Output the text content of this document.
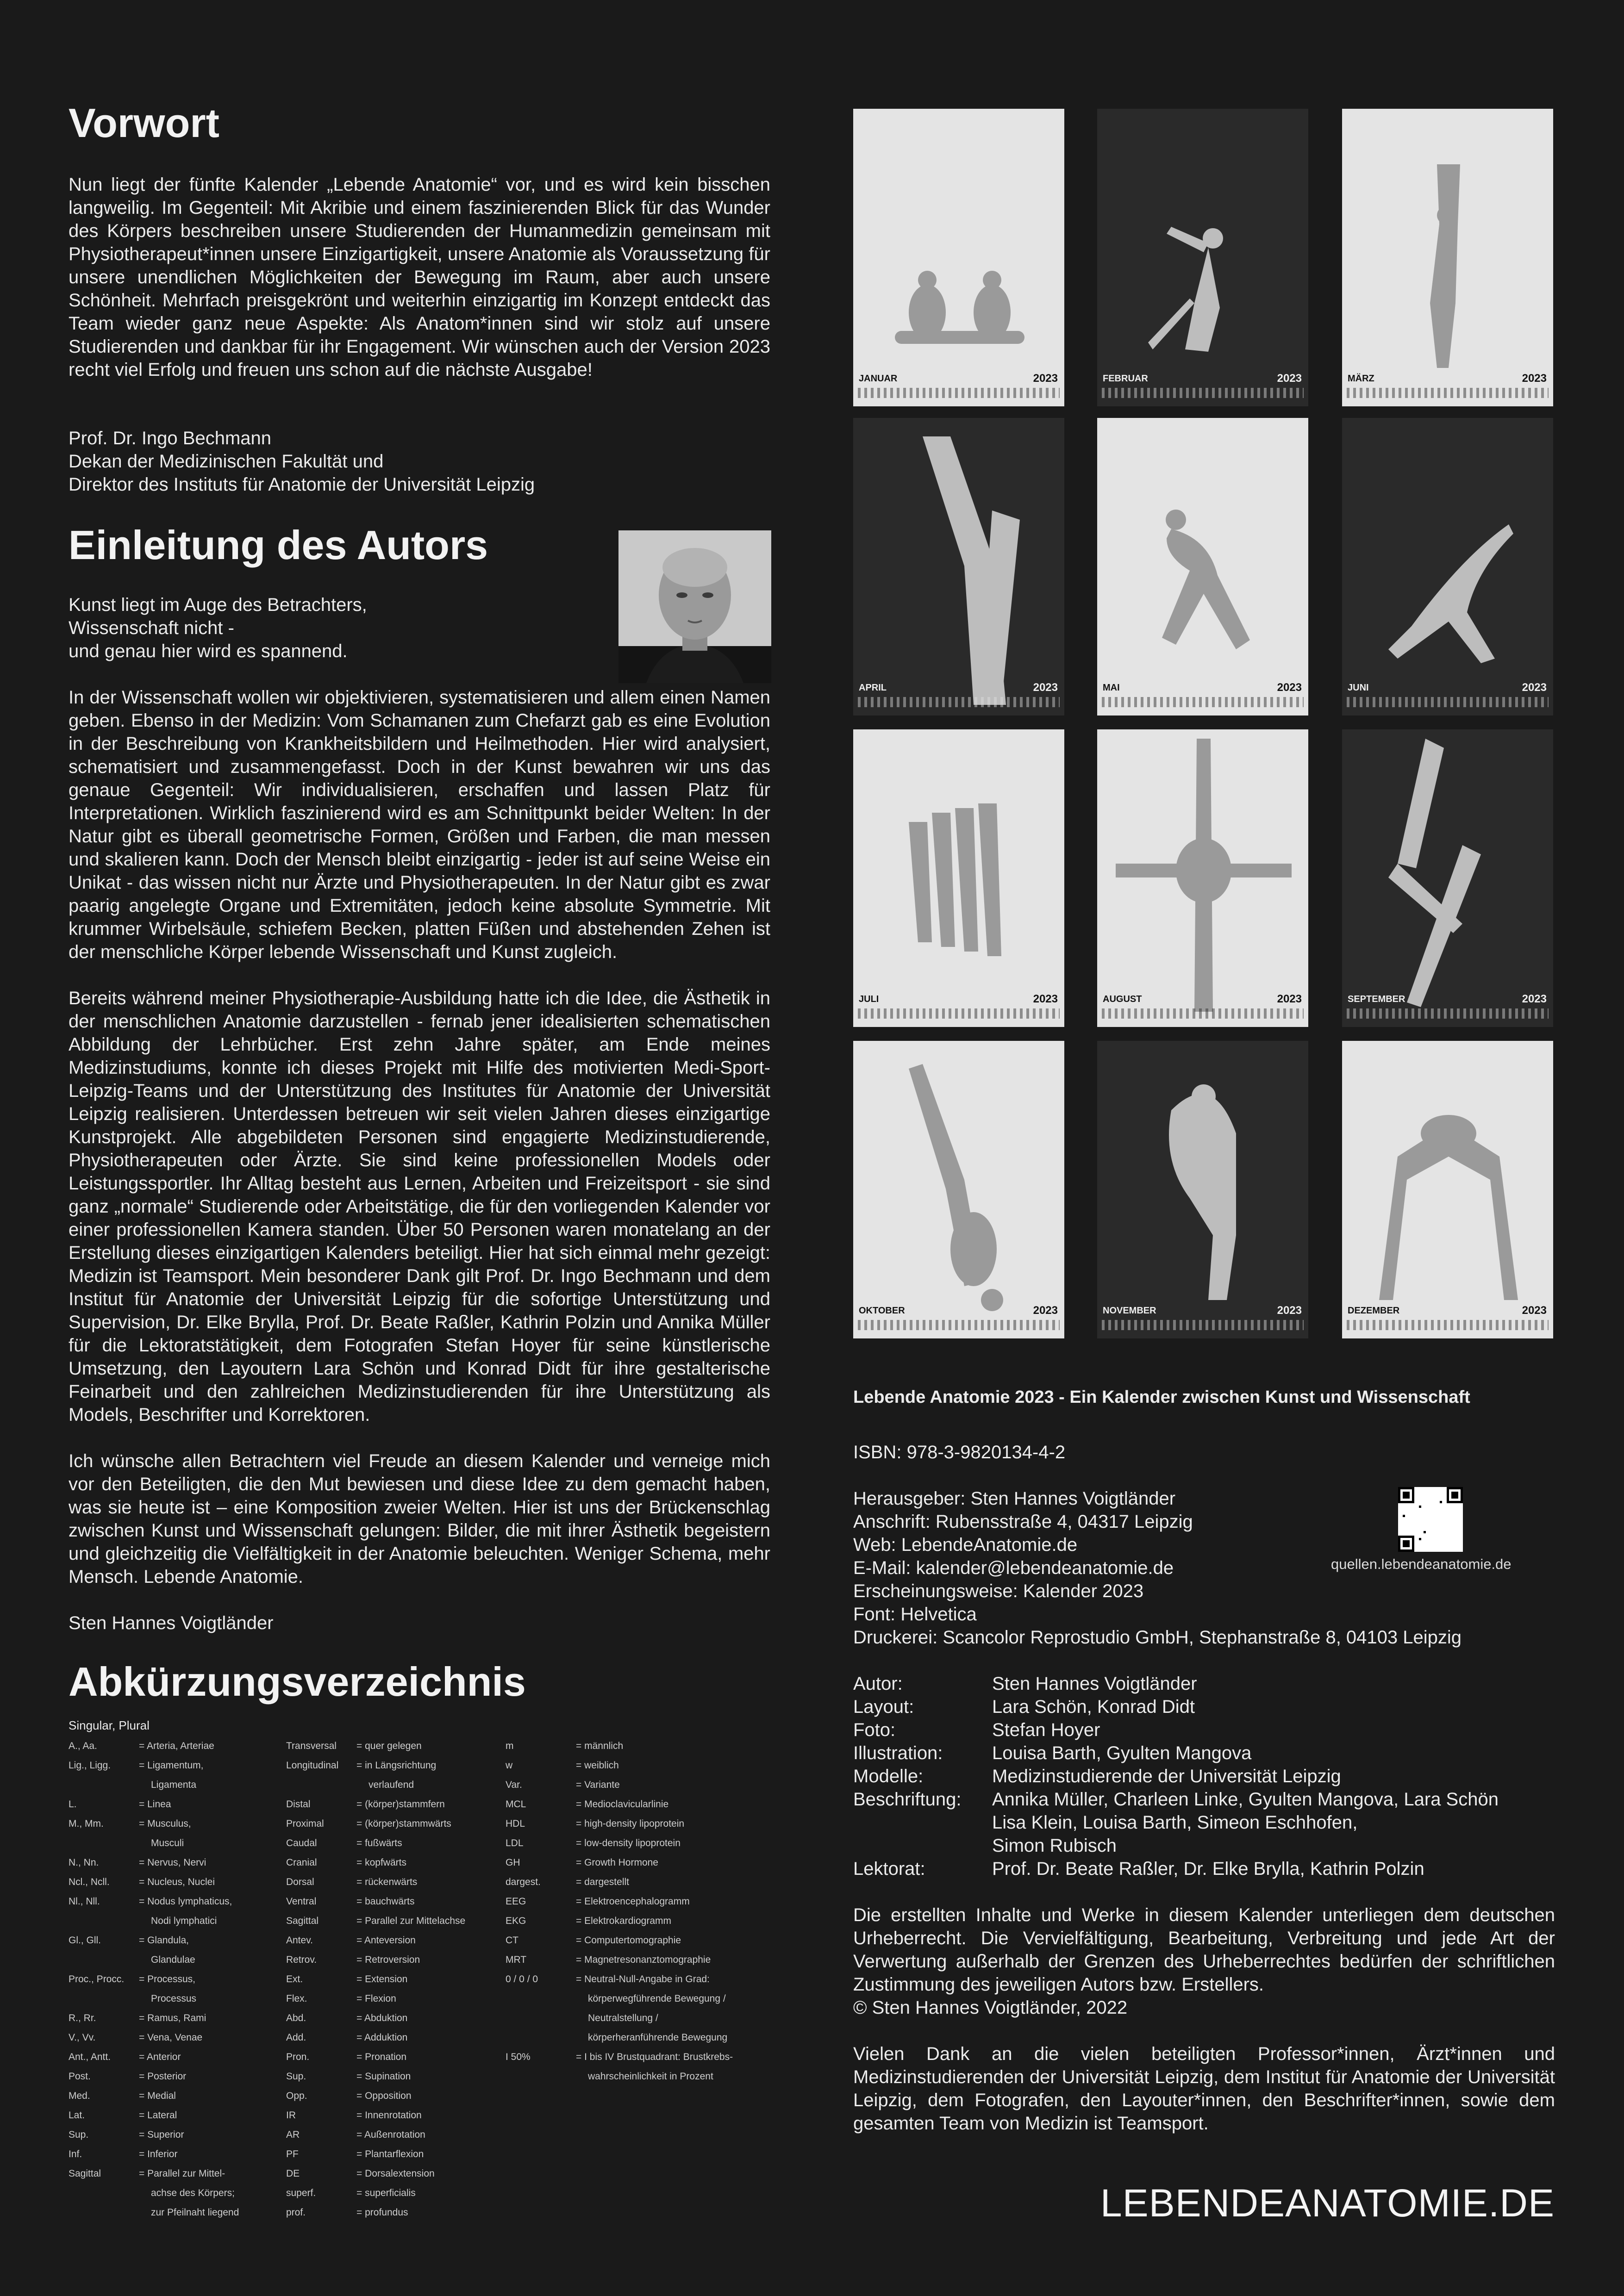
Vorwort

Nun liegt der fünfte Kalender „Lebende Anatomie“ vor, und es wird kein bisschen langweilig. Im Gegenteil: Mit Akribie und einem faszinierenden Blick für das Wunder des Körpers beschreiben unsere Studierenden der Humanmedizin gemeinsam mit Physiotherapeut*innen unsere Einzigartigkeit, unsere Anatomie als Voraussetzung für unsere unendlichen Möglichkeiten der Bewegung im Raum, aber auch unsere Schönheit. Mehrfach preisgekrönt und weiterhin einzigartig im Konzept entdeckt das Team wieder ganz neue Aspekte: Als Anatom*innen sind wir stolz auf unsere Studierenden und dankbar für ihr Engagement. Wir wünschen auch der Version 2023 recht viel Erfolg und freuen uns schon auf die nächste Ausgabe!

Prof. Dr. Ingo Bechmann
Dekan der Medizinischen Fakultät und
Direktor des Instituts für Anatomie der Universität Leipzig
Einleitung des Autors
Kunst liegt im Auge des Betrachters,
Wissenschaft nicht -
und genau hier wird es spannend.

In der Wissenschaft wollen wir objektivieren, systematisieren und allem einen Namen geben. Ebenso in der Medizin: Vom Schamanen zum Chefarzt gab es eine Evolution in der Beschreibung von Krankheitsbildern und Heilmethoden. Hier wird analysiert, schematisiert und zusammengefasst. Doch in der Kunst bewahren wir uns das genaue Gegenteil: Wir individualisieren, erschaffen und lassen Platz für Interpretationen. Wirklich faszinierend wird es am Schnittpunkt beider Welten: In der Natur gibt es überall geometrische Formen, Größen und Farben, die man messen und skalieren kann. Doch der Mensch bleibt einzigartig - jeder ist auf seine Weise ein Unikat - das wissen nicht nur Ärzte und Physiotherapeuten. In der Natur gibt es zwar paarig angelegte Organe und Extremitäten, jedoch keine absolute Symmetrie. Mit krummer Wirbelsäule, schiefem Becken, platten Füßen und abstehenden Zehen ist der menschliche Körper lebende Wissenschaft und Kunst zugleich.

Bereits während meiner Physiotherapie-Ausbildung hatte ich die Idee, die Ästhetik in der menschlichen Anatomie darzustellen - fernab jener idealisierten schematischen Abbildung der Lehrbücher. Erst zehn Jahre später, am Ende meines Medizinstudiums, konnte ich dieses Projekt mit Hilfe des motivierten Medi-Sport-Leipzig-Teams und der Unterstützung des Institutes für Anatomie der Universität Leipzig realisieren. Unterdessen betreuen wir seit vielen Jahren dieses einzigartige Kunstprojekt. Alle abgebildeten Personen sind engagierte Medizinstudierende, Physiotherapeuten oder Ärzte. Sie sind keine professionellen Models oder Leistungssportler. Ihr Alltag besteht aus Lernen, Arbeiten und Freizeitsport - sie sind ganz „normale“ Studierende oder Arbeitstätige, die für den vorliegenden Kalender vor einer professionellen Kamera standen. Über 50 Personen waren monatelang an der Erstellung dieses einzigartigen Kalenders beteiligt. Hier hat sich einmal mehr gezeigt: Medizin ist Teamsport. Mein besonderer Dank gilt Prof. Dr. Ingo Bechmann und dem Institut für Anatomie der Universität Leipzig für die sofortige Unterstützung und Supervision, Dr. Elke Brylla, Prof. Dr. Beate Raßler, Kathrin Polzin und Annika Müller für die Lektoratstätigkeit, dem Fotografen Stefan Hoyer für seine künstlerische Umsetzung, den Layoutern Lara Schön und Konrad Didt für ihre gestalterische Feinarbeit und den zahlreichen Medizinstudierenden für ihre Unterstützung als Models, Beschrifter und Korrektoren.

Ich wünsche allen Betrachtern viel Freude an diesem Kalender und verneige mich vor den Beteiligten, die den Mut bewiesen und diese Idee zu dem gemacht haben, was sie heute ist – eine Komposition zweier Welten. Hier ist uns der Brückenschlag zwischen Kunst und Wissenschaft gelungen: Bilder, die mit ihrer Ästhetik begeistern und gleichzeitig die Vielfältigkeit in der Anatomie beleuchten. Weniger Schema, mehr Mensch. Lebende Anatomie.

Sten Hannes Voigtländer
Abkürzungsverzeichnis
Singular, Plural
A., Aa.	= Arteria, Arteriae
Lig., Ligg.	= Ligamentum,
Ligamenta
L.	= Linea
M., Mm.	= Musculus,
Musculi
N., Nn.	= Nervus, Nervi
Ncl., Ncll.	= Nucleus, Nuclei
Nl., Nll.	= Nodus lymphaticus,
Nodi lymphatici
Gl., Gll.	= Glandula,
Glandulae
Proc., Procc.	= Processus,
Processus
R., Rr.	= Ramus, Rami
V., Vv.	= Vena, Venae
Ant., Antt.	= Anterior
Post.	= Posterior
Med.	= Medial
Lat.	= Lateral
Sup.	= Superior
Inf.	= Inferior
Sagittal	= Parallel zur Mittel-
achse des Körpers;
zur Pfeilnaht liegend
Transversal	= quer gelegen
Longitudinal	= in Längsrichtung
verlaufend
Distal	= (körper)stammfern
Proximal	= (körper)stammwärts
Caudal	= fußwärts
Cranial	= kopfwärts
Dorsal	= rückenwärts
Ventral	= bauchwärts
Sagittal	= Parallel zur Mittelachse
Antev.	= Anteversion
Retrov.	= Retroversion
Ext.	= Extension
Flex.	= Flexion
Abd.	= Abduktion
Add.	= Adduktion
Pron.	= Pronation
Sup.	= Supination
Opp.	= Opposition
IR	= Innenrotation
AR	= Außenrotation
PF	= Plantarflexion
DE	= Dorsalextension
superf.	= superficialis
prof.	= profundus
m	= männlich
w	= weiblich
Var.	= Variante
MCL	= Medioclavicularlinie
HDL	= high-density lipoprotein
LDL	= low-density lipoprotein
GH	= Growth Hormone
dargest.	= dargestellt
EEG	= Elektroencephalogramm
EKG	= Elektrokardiogramm
CT	= Computertomographie
MRT	= Magnetresonanztomographie
0 / 0 / 0	= Neutral-Null-Angabe in Grad:
körperwegführende Bewegung /
Neutralstellung /
körperheranführende Bewegung
I 50%	= I bis IV Brustquadrant: Brustkrebs-
wahrscheinlichkeit in Prozent
JANUAR	2023	FEBRUAR	2023	MÄRZ	2023
APRIL	2023	MAI	2023	JUNI	2023
JULI	2023	AUGUST	2023	SEPTEMBER	2023
OKTOBER	2023	NOVEMBER	2023	DEZEMBER	2023
Lebende Anatomie 2023 - Ein Kalender zwischen Kunst und Wissenschaft
ISBN: 978-3-9820134-4-2
Herausgeber: Sten Hannes Voigtländer
Anschrift: Rubensstraße 4, 04317 Leipzig
Web: LebendeAnatomie.de
E-Mail: kalender@lebendeanatomie.de
Erscheinungsweise: Kalender 2023
Font: Helvetica
Druckerei: Scancolor Reprostudio GmbH, Stephanstraße 8, 04103 Leipzig
quellen.lebendeanatomie.de
Autor:	Sten Hannes Voigtländer
Layout:	Lara Schön, Konrad Didt
Foto:	Stefan Hoyer
Illustration:	Louisa Barth, Gyulten Mangova
Modelle:	Medizinstudierende der Universität Leipzig
Beschriftung:	Annika Müller, Charleen Linke, Gyulten Mangova, Lara Schön
Lisa Klein, Louisa Barth, Simeon Eschhofen,
Simon Rubisch
Lektorat:	Prof. Dr. Beate Raßler, Dr. Elke Brylla, Kathrin Polzin

Die erstellten Inhalte und Werke in diesem Kalender unterliegen dem deutschen Urheberrecht. Die Vervielfältigung, Bearbeitung, Verbreitung und jede Art der Verwertung außerhalb der Grenzen des Urheberrechtes bedürfen der schriftlichen Zustimmung des jeweiligen Autors bzw. Erstellers.

© Sten Hannes Voigtländer, 2022

Vielen Dank an die vielen beteiligten Professor*innen, Ärzt*innen und Medizinstudierenden der Universität Leipzig, dem Institut für Anatomie der Universität Leipzig, dem Fotografen, den Layouter*innen, den Beschrifter*innen, sowie dem gesamten Team von Medizin ist Teamsport.

LEBENDEANATOMIE.DE
